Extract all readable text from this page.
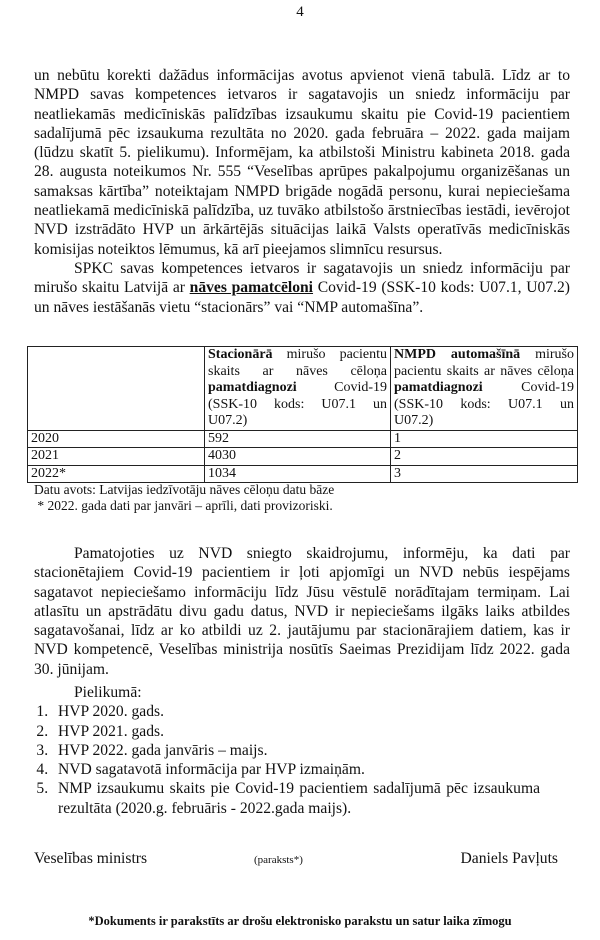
4

un nebūtu korekti dažādus informācijas avotus apvienot vienā tabulā. Līdz ar to NMPD savas kompetences ietvaros ir sagatavojis un sniedz informāciju par neatliekamās medicīniskās palīdzības izsaukumu skaitu pie Covid-19 pacientiem sadalījumā pēc izsaukuma rezultāta no 2020. gada februāra – 2022. gada maijam (lūdzu skatīt 5. pielikumu). Informējam, ka atbilstoši Ministru kabineta 2018. gada 28. augusta noteikumos Nr. 555 “Veselības aprūpes pakalpojumu organizēšanas un samaksas kārtība” noteiktajam NMPD brigāde nogādā personu, kurai nepieciešama neatliekamā medicīniskā palīdzība, uz tuvāko atbilstošo ārstniecības iestādi, ievērojot NVD izstrādāto HVP un ārkārtējās situācijas laikā Valsts operatīvās medicīniskās komisijas noteiktos lēmumus, kā arī pieejamos slimnīcu resursus.

SPKC savas kompetences ietvaros ir sagatavojis un sniedz informāciju par mirušo skaitu Latvijā ar nāves pamatcēloni Covid-19 (SSK-10 kods: U07.1, U07.2) un nāves iestāšanās vietu “stacionārs” vai “NMP automašīna”.

	Stacionārā mirušo pacientu skaits ar nāves cēloņa pamatdiagnozi Covid-19 (SSK-10 kods: U07.1 un U07.2)	NMPD automašīnā mirušo pacientu skaits ar nāves cēloņa pamatdiagnozi Covid-19 (SSK-10 kods: U07.1 un U07.2)
2020	592	1
2021	4030	2
2022*	1034	3
Datu avots: Latvijas iedzīvotāju nāves cēloņu datu bāze
* 2022. gada dati par janvāri – aprīli, dati provizoriski.

Pamatojoties uz NVD sniegto skaidrojumu, informēju, ka dati par stacionētajiem Covid-19 pacientiem ir ļoti apjomīgi un NVD nebūs iespējams sagatavot nepieciešamo informāciju līdz Jūsu vēstulē norādītajam termiņam. Lai atlasītu un apstrādātu divu gadu datus, NVD ir nepieciešams ilgāks laiks atbildes sagatavošanai, līdz ar ko atbildi uz 2. jautājumu par stacionārajiem datiem, kas ir NVD kompetencē, Veselības ministrija nosūtīs Saeimas Prezidijam līdz 2022. gada 30. jūnijam.

Pielikumā:
1. HVP 2020. gads.
2. HVP 2021. gads.
3. HVP 2022. gada janvāris – maijs.
4. NVD sagatavotā informācija par HVP izmaiņām.
5. NMP izsaukumu skaits pie Covid-19 pacientiem sadalījumā pēc izsaukuma rezultāta (2020.g. februāris - 2022.gada maijs).
Veselības ministrs	(paraksts*)	Daniels Pavļuts
*Dokuments ir parakstīts ar drošu elektronisko parakstu un satur laika zīmogu
